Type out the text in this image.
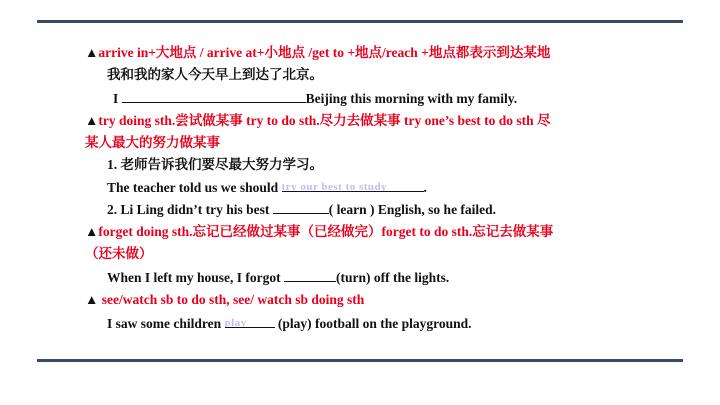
▲arrive in+大地点 / arrive at+小地点 /get to +地点/reach +地点都表示到达某地
我和我的家人今天早上到达了北京。
I	Beijing this morning with my family.
▲try doing sth.尝试做某事 try to do sth.尽力去做某事 try one’s best to do sth 尽
某人最大的努力做某事
1. 老师告诉我们要尽最大努力学习。
The teacher told us we should try our best to study	.
2. Li Ling didn’t try his best	( learn ) English, so he failed.
▲forget doing sth.忘记已经做过某事（已经做完）forget to do sth.忘记去做某事
（还未做）
When I left my house, I forgot	(turn) off the lights.
▲ see/watch sb to do sth, see/ watch sb doing sth
I saw some children play (play) football on the playground.
